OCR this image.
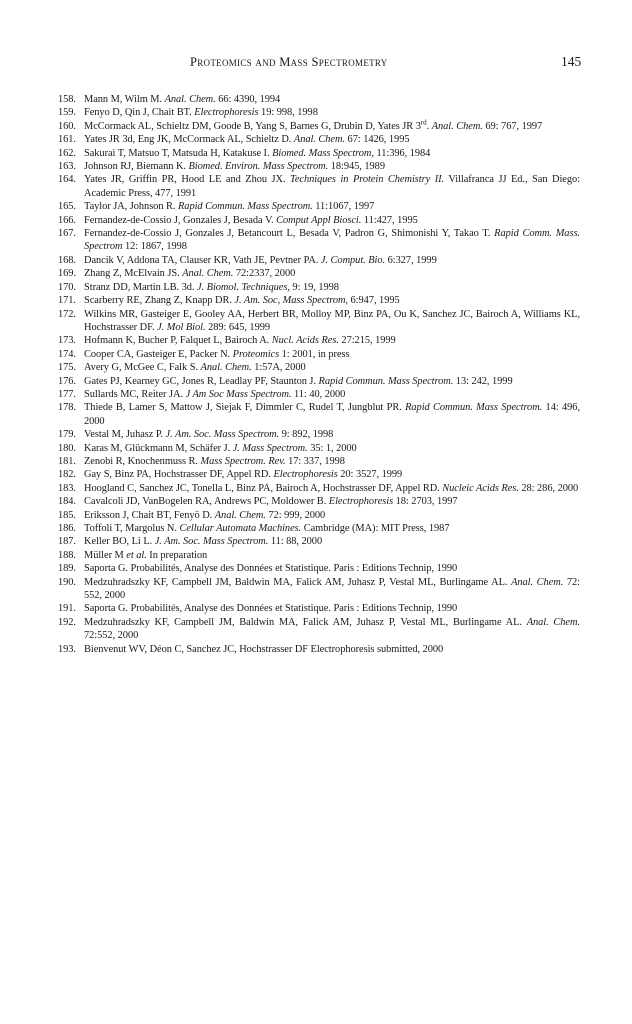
Proteomics and Mass Spectrometry	145
158. Mann M, Wilm M. Anal. Chem. 66: 4390, 1994
159. Fenyo D, Qin J, Chait BT. Electrophoresis 19: 998, 1998
160. McCormack AL, Schieltz DM, Goode B, Yang S, Barnes G, Drubin D, Yates JR 3rd. Anal. Chem. 69: 767, 1997
161. Yates JR 3d, Eng JK, McCormack AL, Schieltz D. Anal. Chem. 67: 1426, 1995
162. Sakurai T, Matsuo T, Matsuda H, Katakuse I. Biomed. Mass Spectrom, 11:396, 1984
163. Johnson RJ, Biemann K. Biomed. Environ. Mass Spectrom. 18:945, 1989
164. Yates JR, Griffin PR, Hood LE and Zhou JX. Techniques in Protein Chemistry II. Villafranca JJ Ed., San Diego: Academic Press, 477, 1991
165. Taylor JA, Johnson R. Rapid Commun. Mass Spectrom. 11:1067, 1997
166. Fernandez-de-Cossio J, Gonzales J, Besada V. Comput Appl Biosci. 11:427, 1995
167. Fernandez-de-Cossio J, Gonzales J, Betancourt L, Besada V, Padron G, Shimonishi Y, Takao T. Rapid Comm. Mass. Spectrom 12: 1867, 1998
168. Dancik V, Addona TA, Clauser KR, Vath JE, Pevtner PA. J. Comput. Bio. 6:327, 1999
169. Zhang Z, McElvain JS. Anal. Chem. 72:2337, 2000
170. Stranz DD, Martin LB. 3d. J. Biomol. Techniques, 9: 19, 1998
171. Scarberry RE, Zhang Z, Knapp DR. J. Am. Soc, Mass Spectrom, 6:947, 1995
172. Wilkins MR, Gasteiger E, Gooley AA, Herbert BR, Molloy MP, Binz PA, Ou K, Sanchez JC, Bairoch A, Williams KL, Hochstrasser DF. J. Mol Biol. 289: 645, 1999
173. Hofmann K, Bucher P, Falquet L, Bairoch A. Nucl. Acids Res. 27:215, 1999
174. Cooper CA, Gasteiger E, Packer N. Proteomics 1: 2001, in press
175. Avery G, McGee C, Falk S. Anal. Chem. 1:57A, 2000
176. Gates PJ, Kearney GC, Jones R, Leadlay PF, Staunton J. Rapid Commun. Mass Spectrom. 13: 242, 1999
177. Sullards MC, Reiter JA. J Am Soc Mass Spectrom. 11: 40, 2000
178. Thiede B, Lamer S, Mattow J, Siejak F, Dimmler C, Rudel T, Jungblut PR. Rapid Commun. Mass Spectrom. 14: 496, 2000
179. Vestal M, Juhasz P. J. Am. Soc. Mass Spectrom. 9: 892, 1998
180. Karas M, Glückmann M, Schäfer J. J. Mass Spectrom. 35: 1, 2000
181. Zenobi R, Knochenmuss R. Mass Spectrom. Rev. 17: 337, 1998
182. Gay S, Binz PA, Hochstrasser DF, Appel RD. Electrophoresis 20: 3527, 1999
183. Hoogland C, Sanchez JC, Tonella L, Binz PA, Bairoch A, Hochstrasser DF, Appel RD. Nucleic Acids Res. 28: 286, 2000
184. Cavalcoli JD, VanBogelen RA, Andrews PC, Moldower B. Electrophoresis 18: 2703, 1997
185. Eriksson J, Chait BT, Fenyö D. Anal. Chem. 72: 999, 2000
186. Toffoli T, Margolus N. Cellular Automata Machines. Cambridge (MA): MIT Press, 1987
187. Keller BO, Li L. J. Am. Soc. Mass Spectrom. 11: 88, 2000
188. Müller M et al. In preparation
189. Saporta G. Probabilités, Analyse des Données et Statistique. Paris : Editions Technip, 1990
190. Medzuhradszky KF, Campbell JM, Baldwin MA, Falick AM, Juhasz P, Vestal ML, Burlingame AL. Anal. Chem. 72: 552, 2000
191. Saporta G. Probabilités, Analyse des Données et Statistique. Paris : Editions Technip, 1990
192. Medzuhradszky KF, Campbell JM, Baldwin MA, Falick AM, Juhasz P, Vestal ML, Burlingame AL. Anal. Chem. 72:552, 2000
193. Bienvenut WV, Déon C, Sanchez JC, Hochstrasser DF Electrophoresis submitted, 2000
